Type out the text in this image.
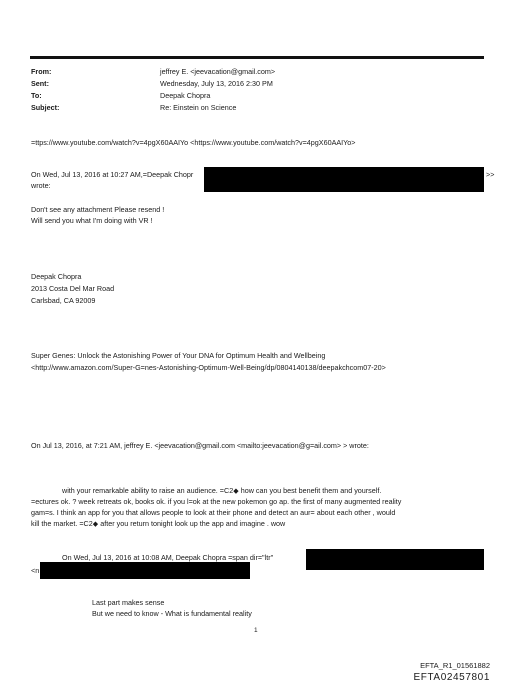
From:	jeffrey E. <jeevacation@gmail.com>
Sent:	Wednesday, July 13, 2016 2:30 PM
To:	Deepak Chopra
Subject:	Re: Einstein on Science
=ttps://www.youtube.com/watch?v=4pgX60AAIYo <https://www.youtube.com/watch?v=4pgX60AAIYo>
On Wed, Jul 13, 2016 at 10:27 AM,=Deepak Chopr	>>
wrote:
Don't see any attachment Please resend !
Will send you what I'm doing with VR !
Deepak Chopra
2013 Costa Del Mar Road
Carlsbad, CA 92009
Super Genes: Unlock the Astonishing Power of Your DNA for Optimum Health and Wellbeing
<http://www.amazon.com/Super-G=nes-Astonishing-Optimum-Well-Being/dp/0804140138/deepakchcom07-20>
On Jul 13, 2016, at 7:21 AM, jeffrey E. <jeevacation@gmail.com <mailto:jeevacation@g=ail.com> > wrote:
with your remarkable ability to raise an audience. =C2◆ how can you best benefit them and yourself.
=ectures ok. ? week retreats ok, books ok. if you l=ok at the new pokemon go ap. the first of many augmented reality
gam=s. I think an app for you that allows people to look at their phone and detect an aur= about each other , would
kill the market. =C2◆ after you return tonight look up the app and imagine . wow
On Wed, Jul 13, 2016 at 10:08 AM, Deepak Chopra =span dir="ltr"
<n
Last part makes sense
But we need to know - What is fundamental reality
1
EFTA_R1_01561882
EFTA02457801
